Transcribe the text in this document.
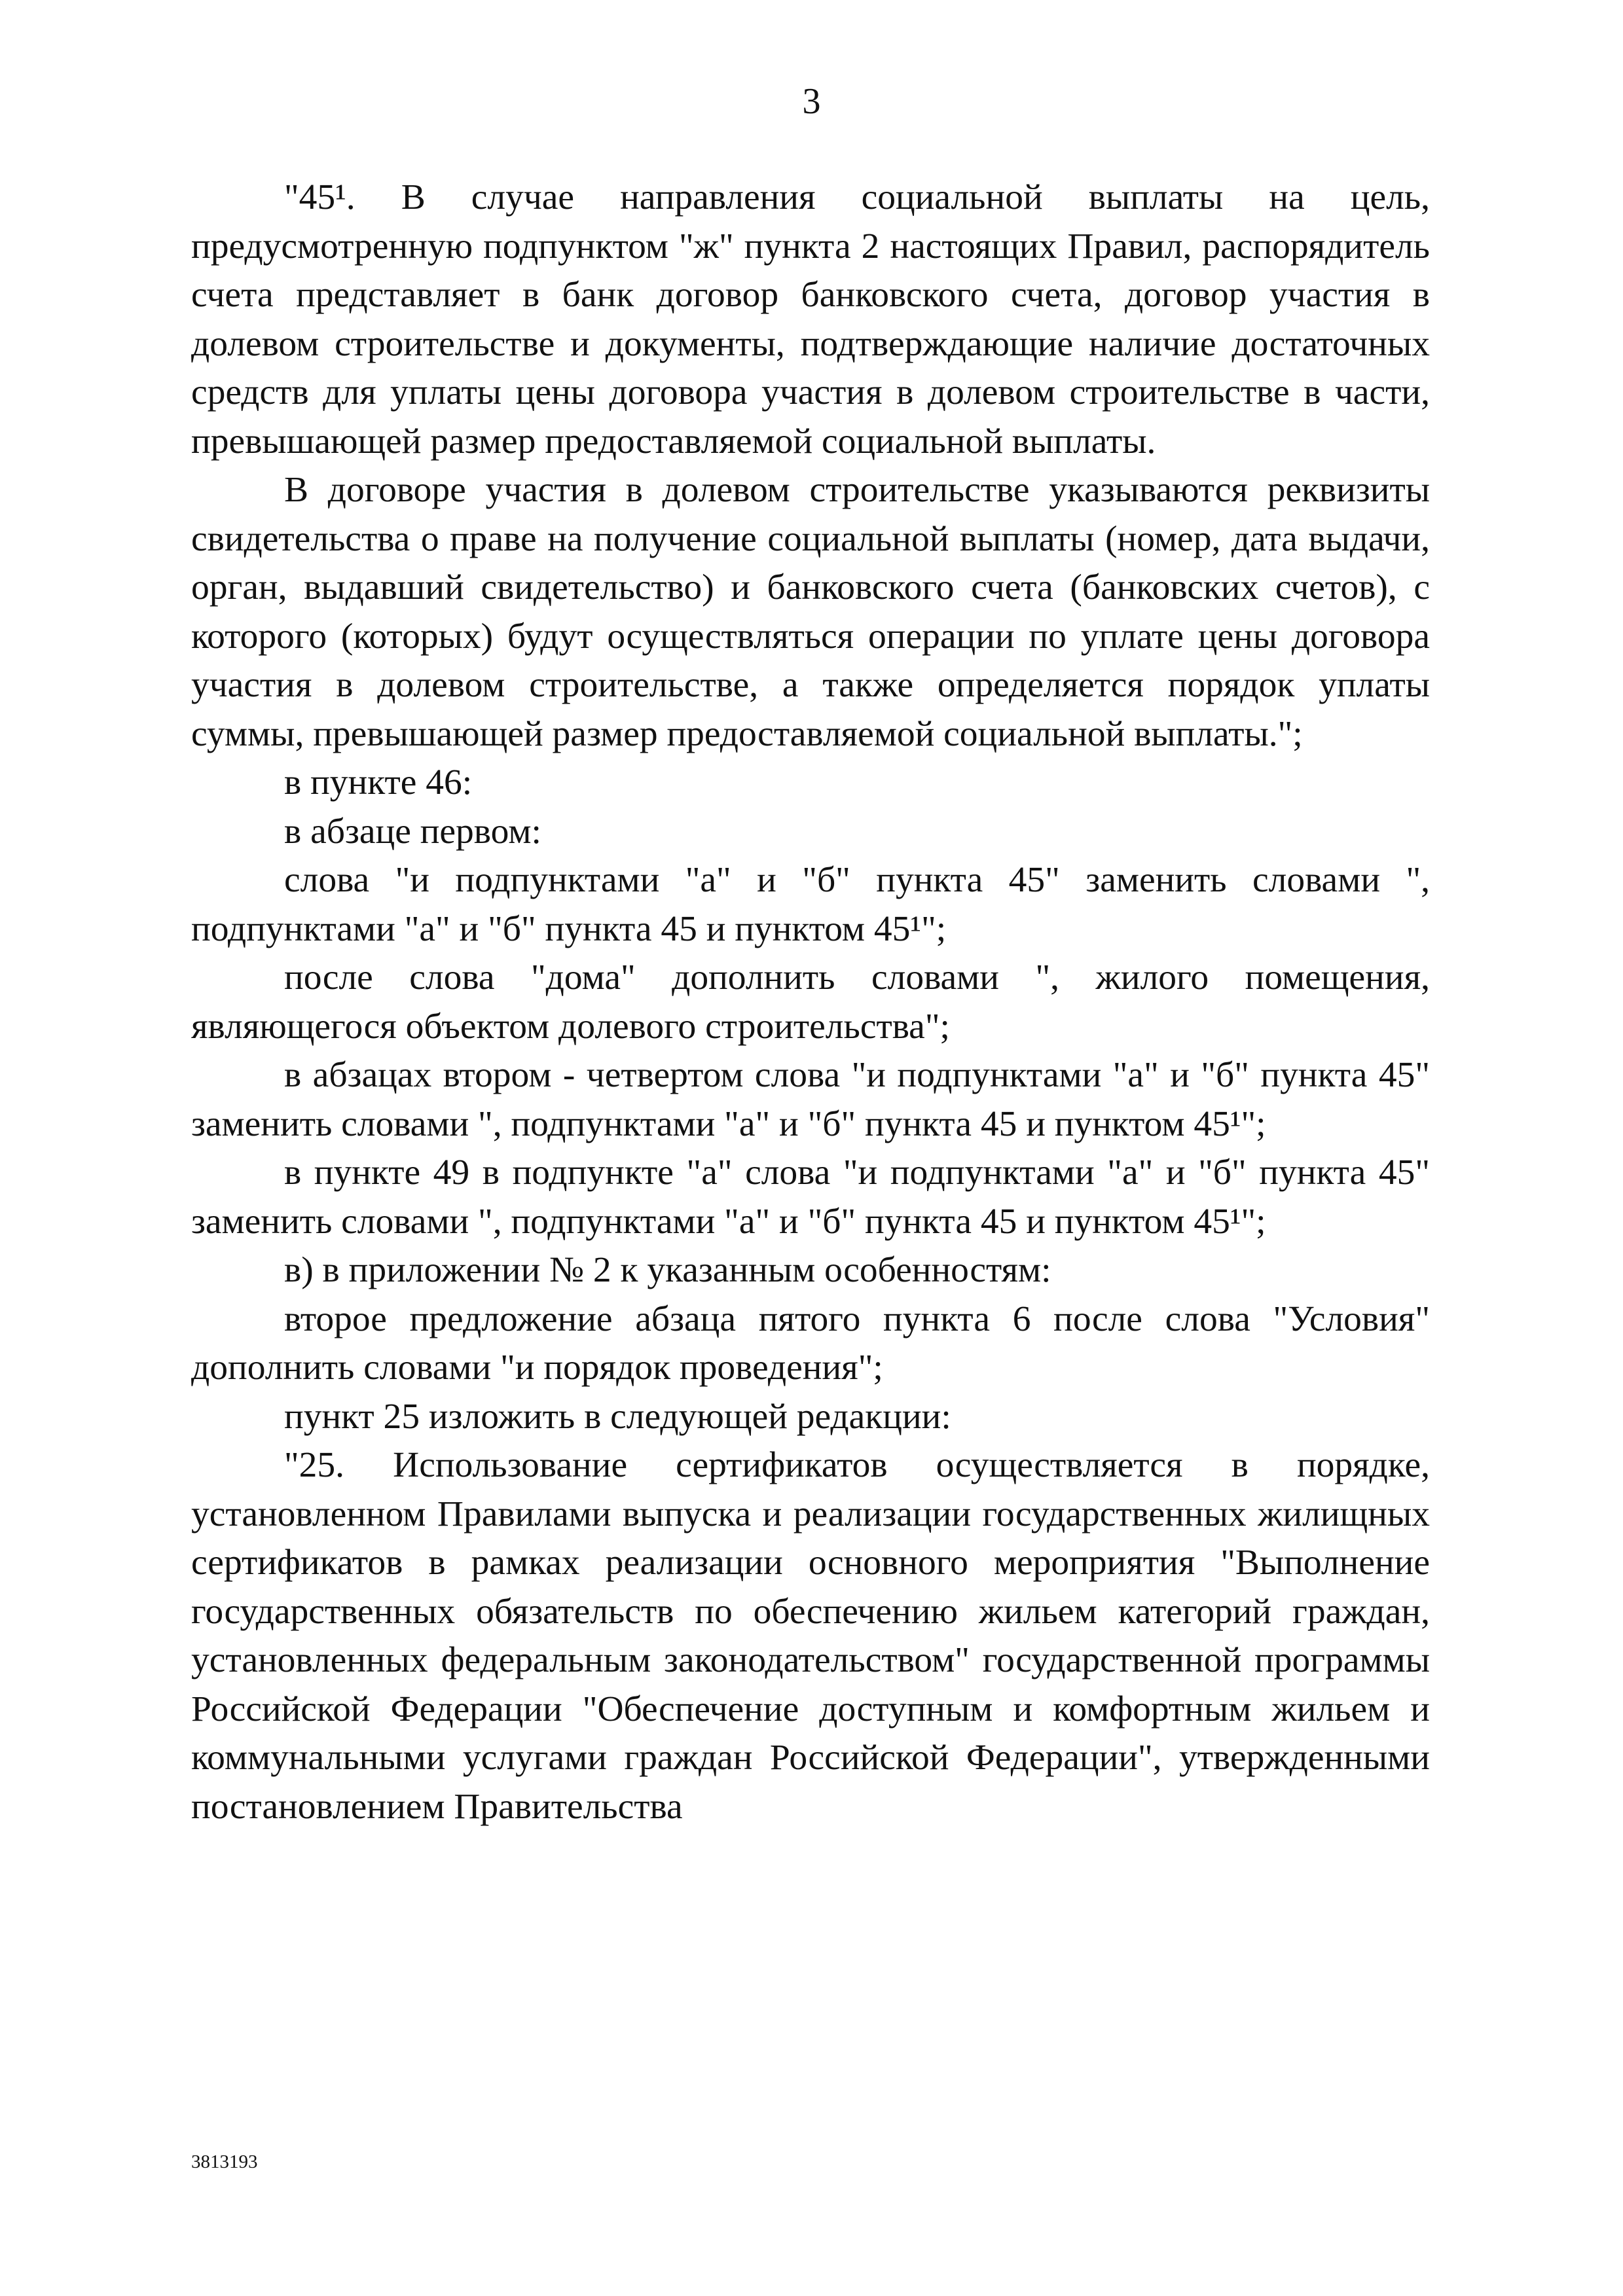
3

"45¹. В случае направления социальной выплаты на цель, предусмотренную подпунктом "ж" пункта 2 настоящих Правил, распорядитель счета представляет в банк договор банковского счета, договор участия в долевом строительстве и документы, подтверждающие наличие достаточных средств для уплаты цены договора участия в долевом строительстве в части, превышающей размер предоставляемой социальной выплаты.

В договоре участия в долевом строительстве указываются реквизиты свидетельства о праве на получение социальной выплаты (номер, дата выдачи, орган, выдавший свидетельство) и банковского счета (банковских счетов), с которого (которых) будут осуществляться операции по уплате цены договора участия в долевом строительстве, а также определяется порядок уплаты суммы, превышающей размер предоставляемой социальной выплаты.";

в пункте 46:

в абзаце первом:

слова "и подпунктами "а" и "б" пункта 45" заменить словами ", подпунктами "а" и "б" пункта 45 и пунктом 45¹";

после слова "дома" дополнить словами ", жилого помещения, являющегося объектом долевого строительства";

в абзацах втором - четвертом слова "и подпунктами "а" и "б" пункта 45" заменить словами ", подпунктами "а" и "б" пункта 45 и пунктом 45¹";

в пункте 49 в подпункте "а" слова "и подпунктами "а" и "б" пункта 45" заменить словами ", подпунктами "а" и "б" пункта 45 и пунктом 45¹";

в) в приложении № 2 к указанным особенностям:

второе предложение абзаца пятого пункта 6 после слова "Условия" дополнить словами "и порядок проведения";

пункт 25 изложить в следующей редакции:

"25. Использование сертификатов осуществляется в порядке, установленном Правилами выпуска и реализации государственных жилищных сертификатов в рамках реализации основного мероприятия "Выполнение государственных обязательств по обеспечению жильем категорий граждан, установленных федеральным законодательством" государственной программы Российской Федерации "Обеспечение доступным и комфортным жильем и коммунальными услугами граждан Российской Федерации", утвержденными постановлением Правительства

3813193
